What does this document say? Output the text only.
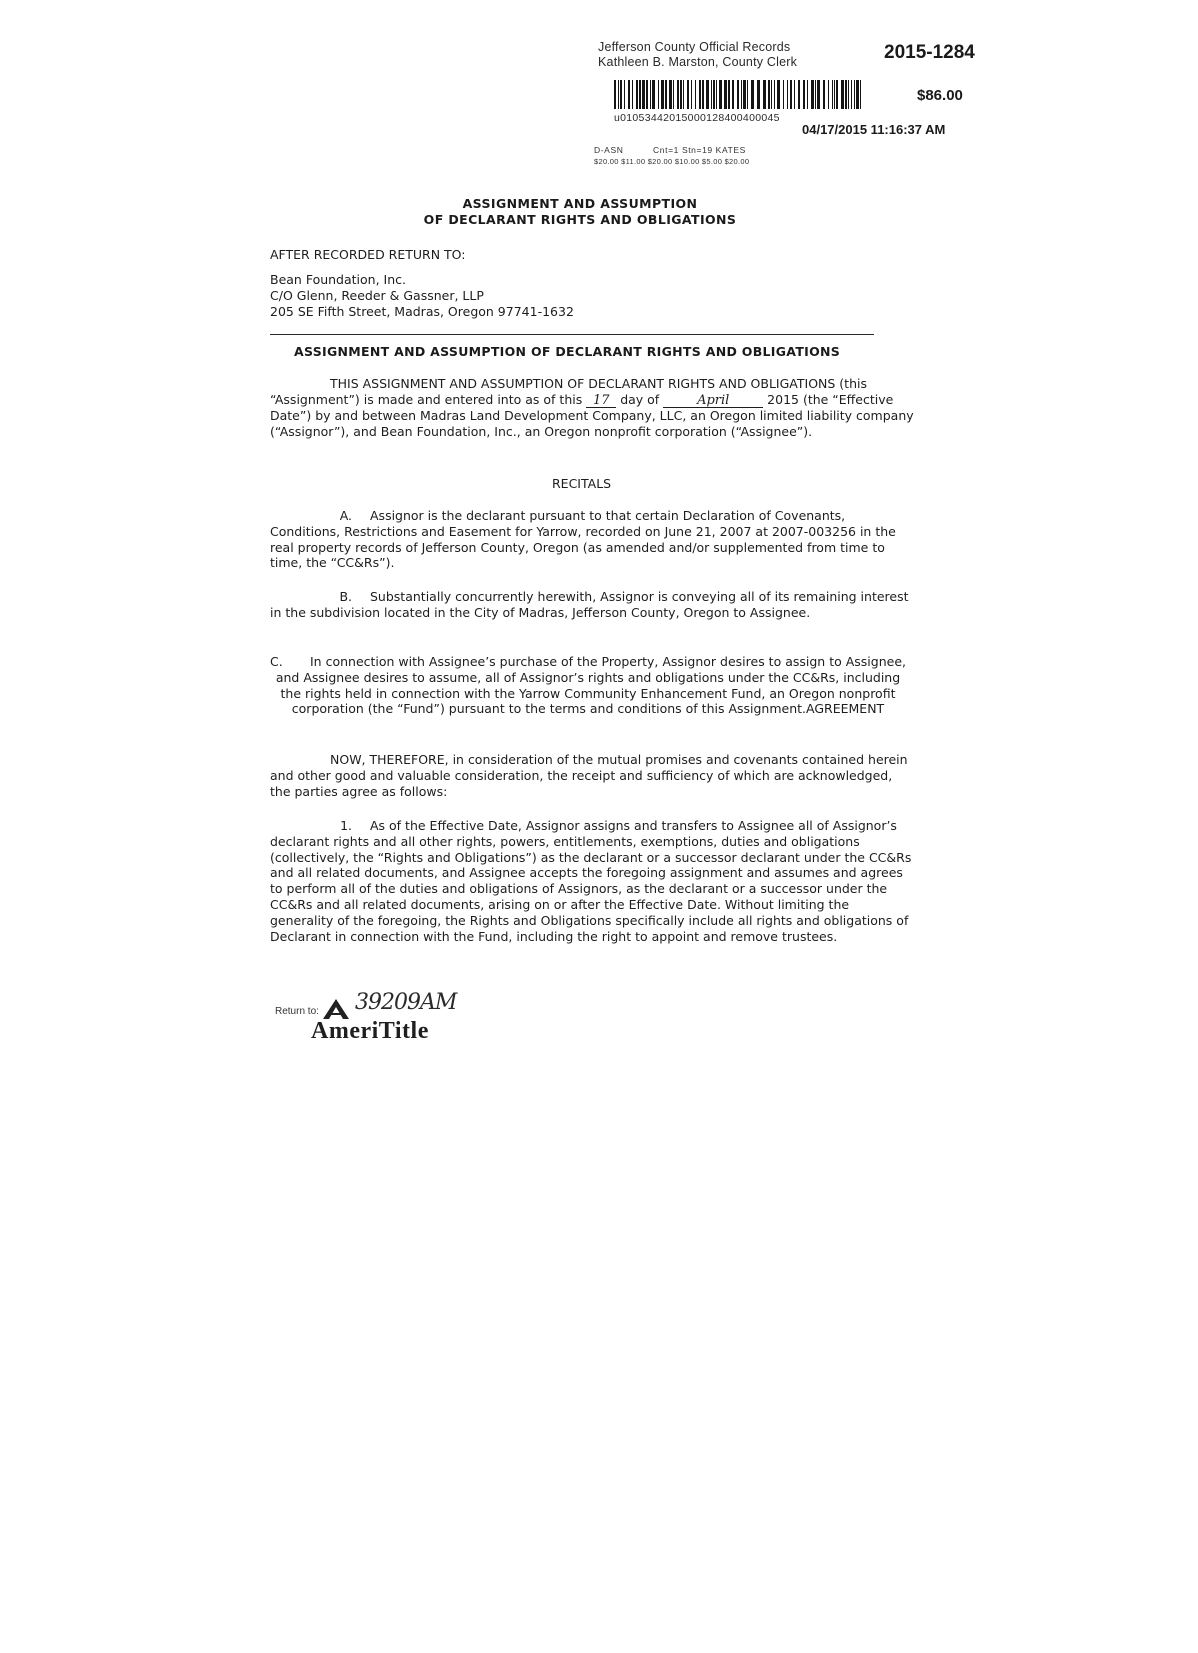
Jefferson County Official Records
Kathleen B. Marston, County Clerk	2015-1284
$86.00
u01053442015000128400400045
04/17/2015 11:16:37 AM
D-ASN          Cnt=1 Stn=19 KATES
$20.00 $11.00 $20.00 $10.00 $5.00 $20.00
ASSIGNMENT AND ASSUMPTION
OF DECLARANT RIGHTS AND OBLIGATIONS
AFTER RECORDED RETURN TO:
Bean Foundation, Inc.
C/O Glenn, Reeder & Gassner, LLP
205 SE Fifth Street, Madras, Oregon 97741-1632
ASSIGNMENT AND ASSUMPTION OF DECLARANT RIGHTS AND OBLIGATIONS
THIS ASSIGNMENT AND ASSUMPTION OF DECLARANT RIGHTS AND OBLIGATIONS (this “Assignment”) is made and entered into as of this 17 day of	April	2015 (the “Effective Date”) by and between Madras Land Development Company, LLC, an Oregon limited liability company (“Assignor”), and Bean Foundation, Inc., an Oregon nonprofit corporation (“Assignee”).
RECITALS
A. Assignor is the declarant pursuant to that certain Declaration of Covenants, Conditions, Restrictions and Easement for Yarrow, recorded on June 21, 2007 at 2007-003256 in the real property records of Jefferson County, Oregon (as amended and/or supplemented from time to time, the “CC&Rs”).
B. Substantially concurrently herewith, Assignor is conveying all of its remaining interest in the subdivision located in the City of Madras, Jefferson County, Oregon to Assignee.
C. In connection with Assignee’s purchase of the Property, Assignor desires to assign to Assignee, and Assignee desires to assume, all of Assignor’s rights and obligations under the CC&Rs, including the rights held in connection with the Yarrow Community Enhancement Fund, an Oregon nonprofit corporation (the “Fund”) pursuant to the terms and conditions of this Assignment.AGREEMENT
NOW, THEREFORE, in consideration of the mutual promises and covenants contained herein and other good and valuable consideration, the receipt and sufficiency of which are acknowledged, the parties agree as follows:
1. As of the Effective Date, Assignor assigns and transfers to Assignee all of Assignor’s declarant rights and all other rights, powers, entitlements, exemptions, duties and obligations (collectively, the “Rights and Obligations”) as the declarant or a successor declarant under the CC&Rs and all related documents, and Assignee accepts the foregoing assignment and assumes and agrees to perform all of the duties and obligations of Assignors, as the declarant or a successor under the CC&Rs and all related documents, arising on or after the Effective Date. Without limiting the generality of the foregoing, the Rights and Obligations specifically include all rights and obligations of Declarant in connection with the Fund, including the right to appoint and remove trustees.
Return to: 39209AM
AmeriTitle
